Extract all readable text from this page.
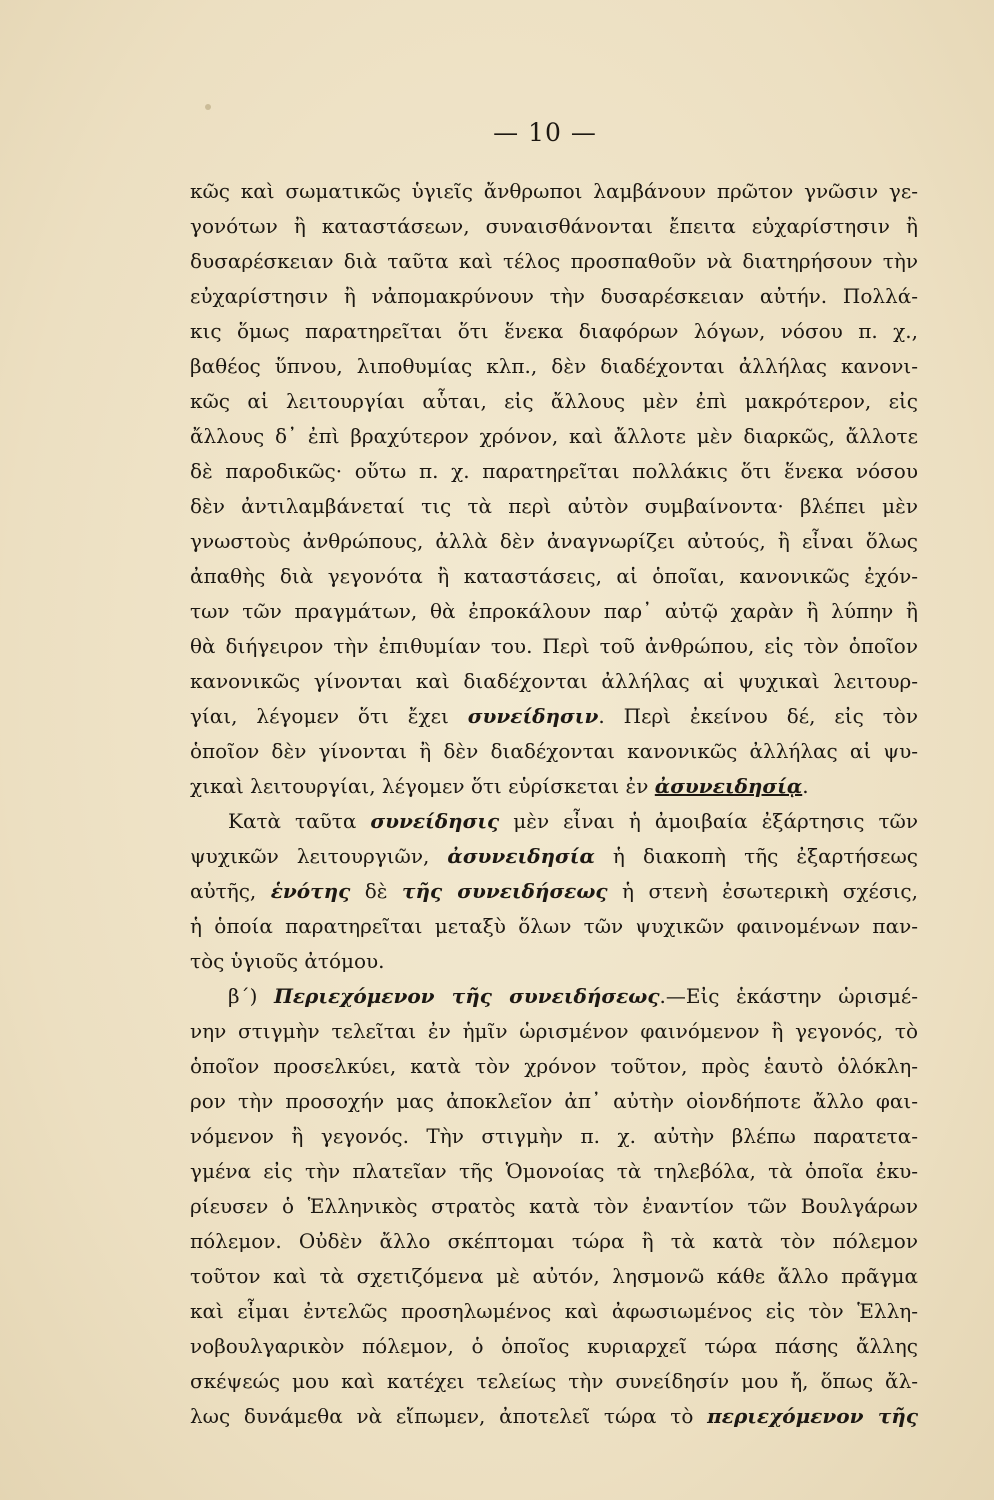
— 10 —
κῶς καὶ σωματικῶς ὑγιεῖς ἄνθρωποι λαμβάνουν πρῶτον γνῶσιν γε-
γονότων ἢ καταστάσεων, συναισθάνονται ἔπειτα εὐχαρίστησιν ἢ
δυσαρέσκειαν διὰ ταῦτα καὶ τέλος προσπαθοῦν νὰ διατηρήσουν τὴν
εὐχαρίστησιν ἢ νἀπομακρύνουν τὴν δυσαρέσκειαν αὐτήν. Πολλά-
κις ὅμως παρατηρεῖται ὅτι ἕνεκα διαφόρων λόγων, νόσου π. χ.,
βαθέος ὕπνου, λιποθυμίας κλπ., δὲν διαδέχονται ἀλλήλας κανονι-
κῶς αἱ λειτουργίαι αὗται, εἰς ἄλλους μὲν ἐπὶ μακρότερον, εἰς
ἄλλους δ᾽ ἐπὶ βραχύτερον χρόνον, καὶ ἄλλοτε μὲν διαρκῶς, ἄλλοτε
δὲ παροδικῶς· οὕτω π. χ. παρατηρεῖται πολλάκις ὅτι ἕνεκα νόσου
δὲν ἀντιλαμβάνεταί τις τὰ περὶ αὐτὸν συμβαίνοντα· βλέπει μὲν
γνωστοὺς ἀνθρώπους, ἀλλὰ δὲν ἀναγνωρίζει αὐτούς, ἢ εἶναι ὅλως
ἀπαθὴς διὰ γεγονότα ἢ καταστάσεις, αἱ ὁποῖαι, κανονικῶς ἐχόν-
των τῶν πραγμάτων, θὰ ἐπροκάλουν παρ᾽ αὐτῷ χαρὰν ἢ λύπην ἢ
θὰ διήγειρον τὴν ἐπιθυμίαν του. Περὶ τοῦ ἀνθρώπου, εἰς τὸν ὁποῖον
κανονικῶς γίνονται καὶ διαδέχονται ἀλλήλας αἱ ψυχικαὶ λειτουρ-
γίαι, λέγομεν ὅτι ἔχει συνείδησιν. Περὶ ἐκείνου δέ, εἰς τὸν
ὁποῖον δὲν γίνονται ἢ δὲν διαδέχονται κανονικῶς ἀλλήλας αἱ ψυ-
χικαὶ λειτουργίαι, λέγομεν ὅτι εὑρίσκεται ἐν ἀσυνειδησίᾳ.
Κατὰ ταῦτα συνείδησις μὲν εἶναι ἡ ἀμοιβαία ἐξάρτησις τῶν
ψυχικῶν λειτουργιῶν, ἀσυνειδησία ἡ διακοπὴ τῆς ἐξαρτήσεως
αὐτῆς, ἑνότης δὲ τῆς συνειδήσεως ἡ στενὴ ἐσωτερικὴ σχέσις,
ἡ ὁποία παρατηρεῖται μεταξὺ ὅλων τῶν ψυχικῶν φαινομένων παν-
τὸς ὑγιοῦς ἀτόμου.
β´) Περιεχόμενον τῆς συνειδήσεως.—Εἰς ἑκάστην ὡρισμέ-
νην στιγμὴν τελεῖται ἐν ἡμῖν ὡρισμένον φαινόμενον ἢ γεγονός, τὸ
ὁποῖον προσελκύει, κατὰ τὸν χρόνον τοῦτον, πρὸς ἑαυτὸ ὁλόκλη-
ρον τὴν προσοχήν μας ἀποκλεῖον ἀπ᾽ αὐτὴν οἱονδήποτε ἄλλο φαι-
νόμενον ἢ γεγονός. Τὴν στιγμὴν π. χ. αὐτὴν βλέπω παρατετα-
γμένα εἰς τὴν πλατεῖαν τῆς Ὁμονοίας τὰ τηλεβόλα, τὰ ὁποῖα ἐκυ-
ρίευσεν ὁ Ἑλληνικὸς στρατὸς κατὰ τὸν ἐναντίον τῶν Βουλγάρων
πόλεμον. Οὐδὲν ἄλλο σκέπτομαι τώρα ἢ τὰ κατὰ τὸν πόλεμον
τοῦτον καὶ τὰ σχετιζόμενα μὲ αὐτόν, λησμονῶ κάθε ἄλλο πρᾶγμα
καὶ εἶμαι ἐντελῶς προσηλωμένος καὶ ἀφωσιωμένος εἰς τὸν Ἑλλη-
νοβουλγαρικὸν πόλεμον, ὁ ὁποῖος κυριαρχεῖ τώρα πάσης ἄλλης
σκέψεώς μου καὶ κατέχει τελείως τὴν συνείδησίν μου ἤ, ὅπως ἄλ-
λως δυνάμεθα νὰ εἴπωμεν, ἀποτελεῖ τώρα τὸ περιεχόμενον τῆς
